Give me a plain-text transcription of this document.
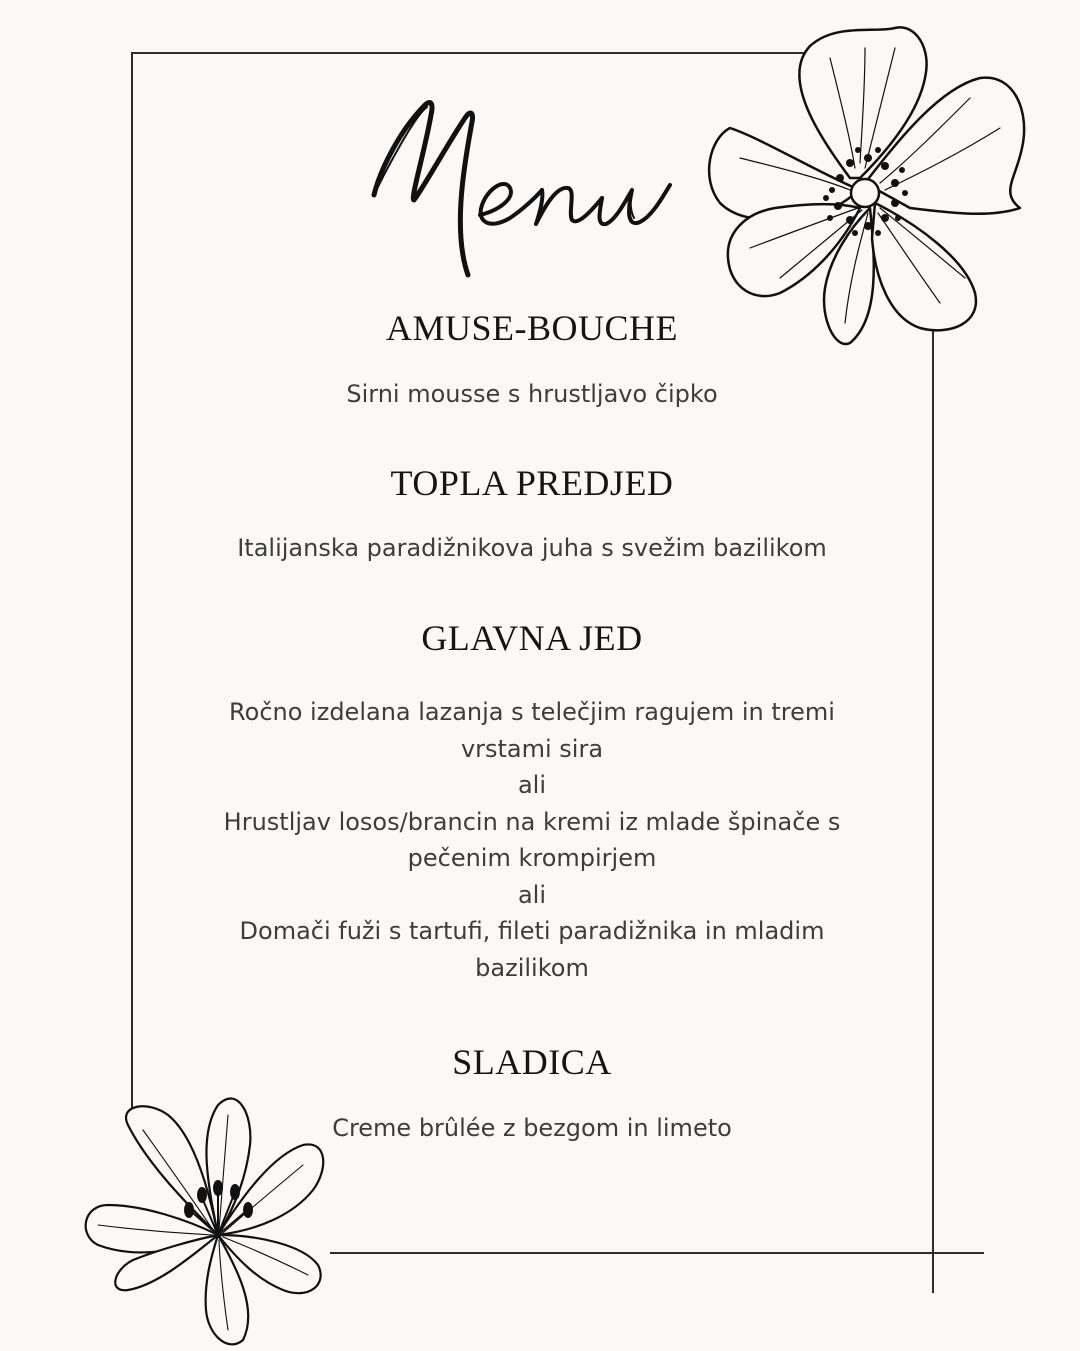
AMUSE-BOUCHE

Sirni mousse s hrustljavo čipko

TOPLA PREDJED

Italijanska paradižnikova juha s svežim bazilikom

GLAVNA JED

Ročno izdelana lazanja s telečjim ragujem in tremi
vrstami sira
ali
Hrustljav losos/brancin na kremi iz mlade špinače s
pečenim krompirjem
ali
Domači fuži s tartufi, fileti paradižnika in mladim
bazilikom

SLADICA

Creme brûlée z bezgom in limeto
